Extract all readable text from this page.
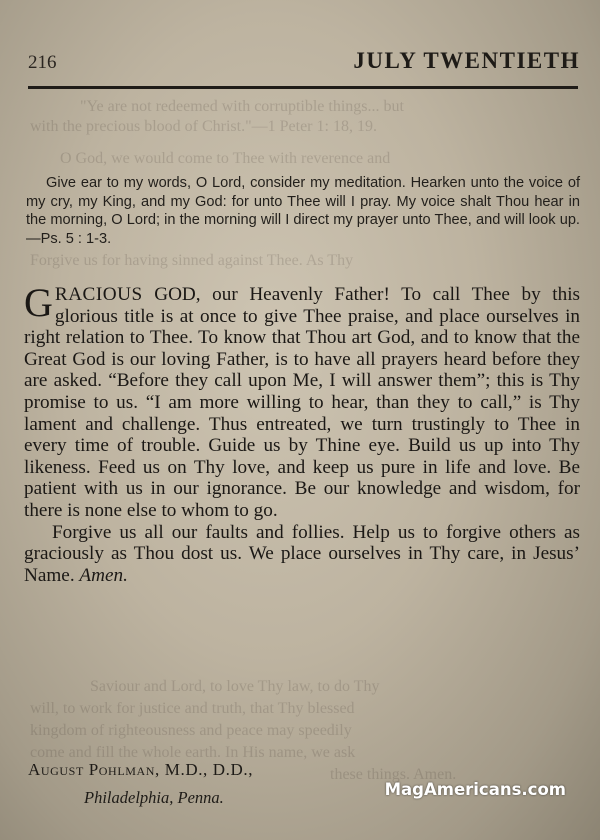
"Ye are not redeemed with corruptible things... but
with the precious blood of Christ."—1 Peter 1: 18, 19.
O God, we would come to Thee with reverence and
Forgive us for having sinned against Thee. As Thy
Saviour and Lord, to love Thy law, to do Thy
will, to work for justice and truth, that Thy blessed
kingdom of righteousness and peace may speedily
come and fill the whole earth. In His name, we ask
these things. Amen.
216	JULY TWENTIETH
Give ear to my words, O Lord, consider my meditation. Hearken unto the voice of my cry, my King, and my God: for unto Thee will I pray. My voice shalt Thou hear in the morning, O Lord; in the morning will I direct my prayer unto Thee, and will look up.—Ps. 5 : 1-3.

GRACIOUS GOD, our Heavenly Father! To call Thee by this glorious title is at once to give Thee praise, and place ourselves in right relation to Thee. To know that Thou art God, and to know that the Great God is our loving Father, is to have all prayers heard before they are asked. “Before they call upon Me, I will answer them”; this is Thy promise to us. “I am more willing to hear, than they to call,” is Thy lament and challenge. Thus entreated, we turn trustingly to Thee in every time of trouble. Guide us by Thine eye. Build us up into Thy likeness. Feed us on Thy love, and keep us pure in life and love. Be patient with us in our ignorance. Be our knowledge and wisdom, for there is none else to whom to go.

Forgive us all our faults and follies. Help us to forgive others as graciously as Thou dost us. We place ourselves in Thy care, in Jesus’ Name. Amen.

August Pohlman, M.D., D.D.,
Philadelphia, Penna.	MagAmericans.com
